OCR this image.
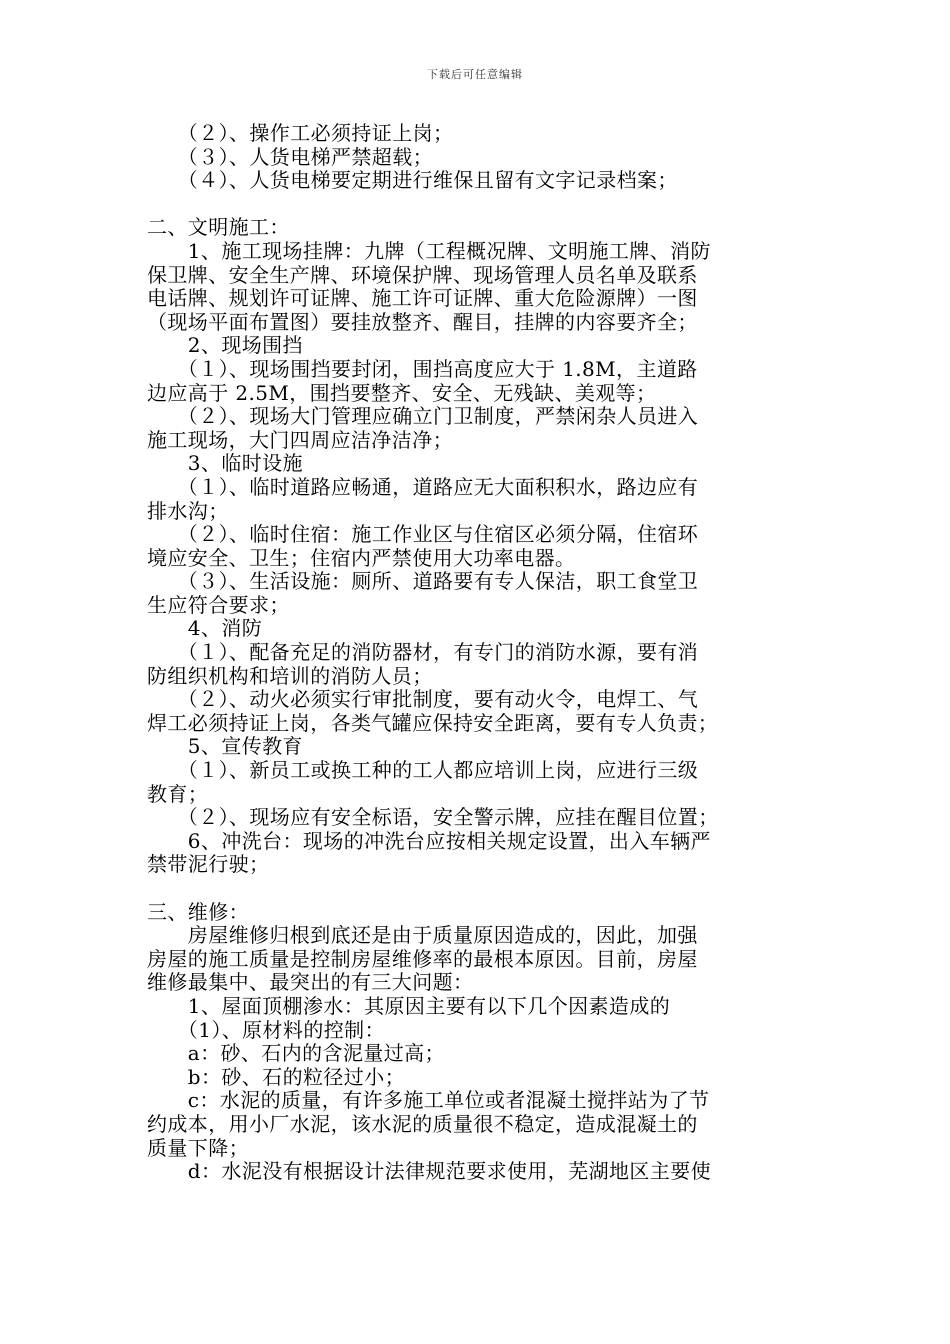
下载后可任意编辑
　　（２）、操作工必须持证上岗；
　　（３）、人货电梯严禁超载；
　　（４）、人货电梯要定期进行维保且留有文字记录档案；
二、文明施工：
　　1、施工现场挂牌：九牌（工程概况牌、文明施工牌、消防
保卫牌、安全生产牌、环境保护牌、现场管理人员名单及联系
电话牌、规划许可证牌、施工许可证牌、重大危险源牌）一图
（现场平面布置图）要挂放整齐、醒目，挂牌的内容要齐全；
　　2、现场围挡
　　（１）、现场围挡要封闭，围挡高度应大于 1.8M，主道路
边应高于 2.5M，围挡要整齐、安全、无残缺、美观等；
　　（２）、现场大门管理应确立门卫制度，严禁闲杂人员进入
施工现场，大门四周应洁净洁净；
　　3、临时设施
　　（１）、临时道路应畅通，道路应无大面积积水，路边应有
排水沟；
　　（２）、临时住宿：施工作业区与住宿区必须分隔，住宿环
境应安全、卫生；住宿内严禁使用大功率电器。
　　（３）、生活设施：厕所、道路要有专人保洁，职工食堂卫
生应符合要求；
　　4、消防
　　（１）、配备充足的消防器材，有专门的消防水源，要有消
防组织机构和培训的消防人员；
　　（２）、动火必须实行审批制度，要有动火令，电焊工、气
焊工必须持证上岗，各类气罐应保持安全距离，要有专人负责；
　　5、宣传教育
　　（１）、新员工或换工种的工人都应培训上岗，应进行三级
教育；
　　（２）、现场应有安全标语，安全警示牌，应挂在醒目位置；
　　6、冲洗台：现场的冲洗台应按相关规定设置，出入车辆严
禁带泥行驶；
三、维修：
　　房屋维修归根到底还是由于质量原因造成的，因此，加强
房屋的施工质量是控制房屋维修率的最根本原因。目前，房屋
维修最集中、最突出的有三大问题：
　　1、屋面顶棚渗水：其原因主要有以下几个因素造成的
　　（1）、原材料的控制：
　　a：砂、石内的含泥量过高；
　　b：砂、石的粒径过小；
　　c：水泥的质量，有许多施工单位或者混凝土搅拌站为了节
约成本，用小厂水泥，该水泥的质量很不稳定，造成混凝土的
质量下降；
　　d：水泥没有根据设计法律规范要求使用，芜湖地区主要使
